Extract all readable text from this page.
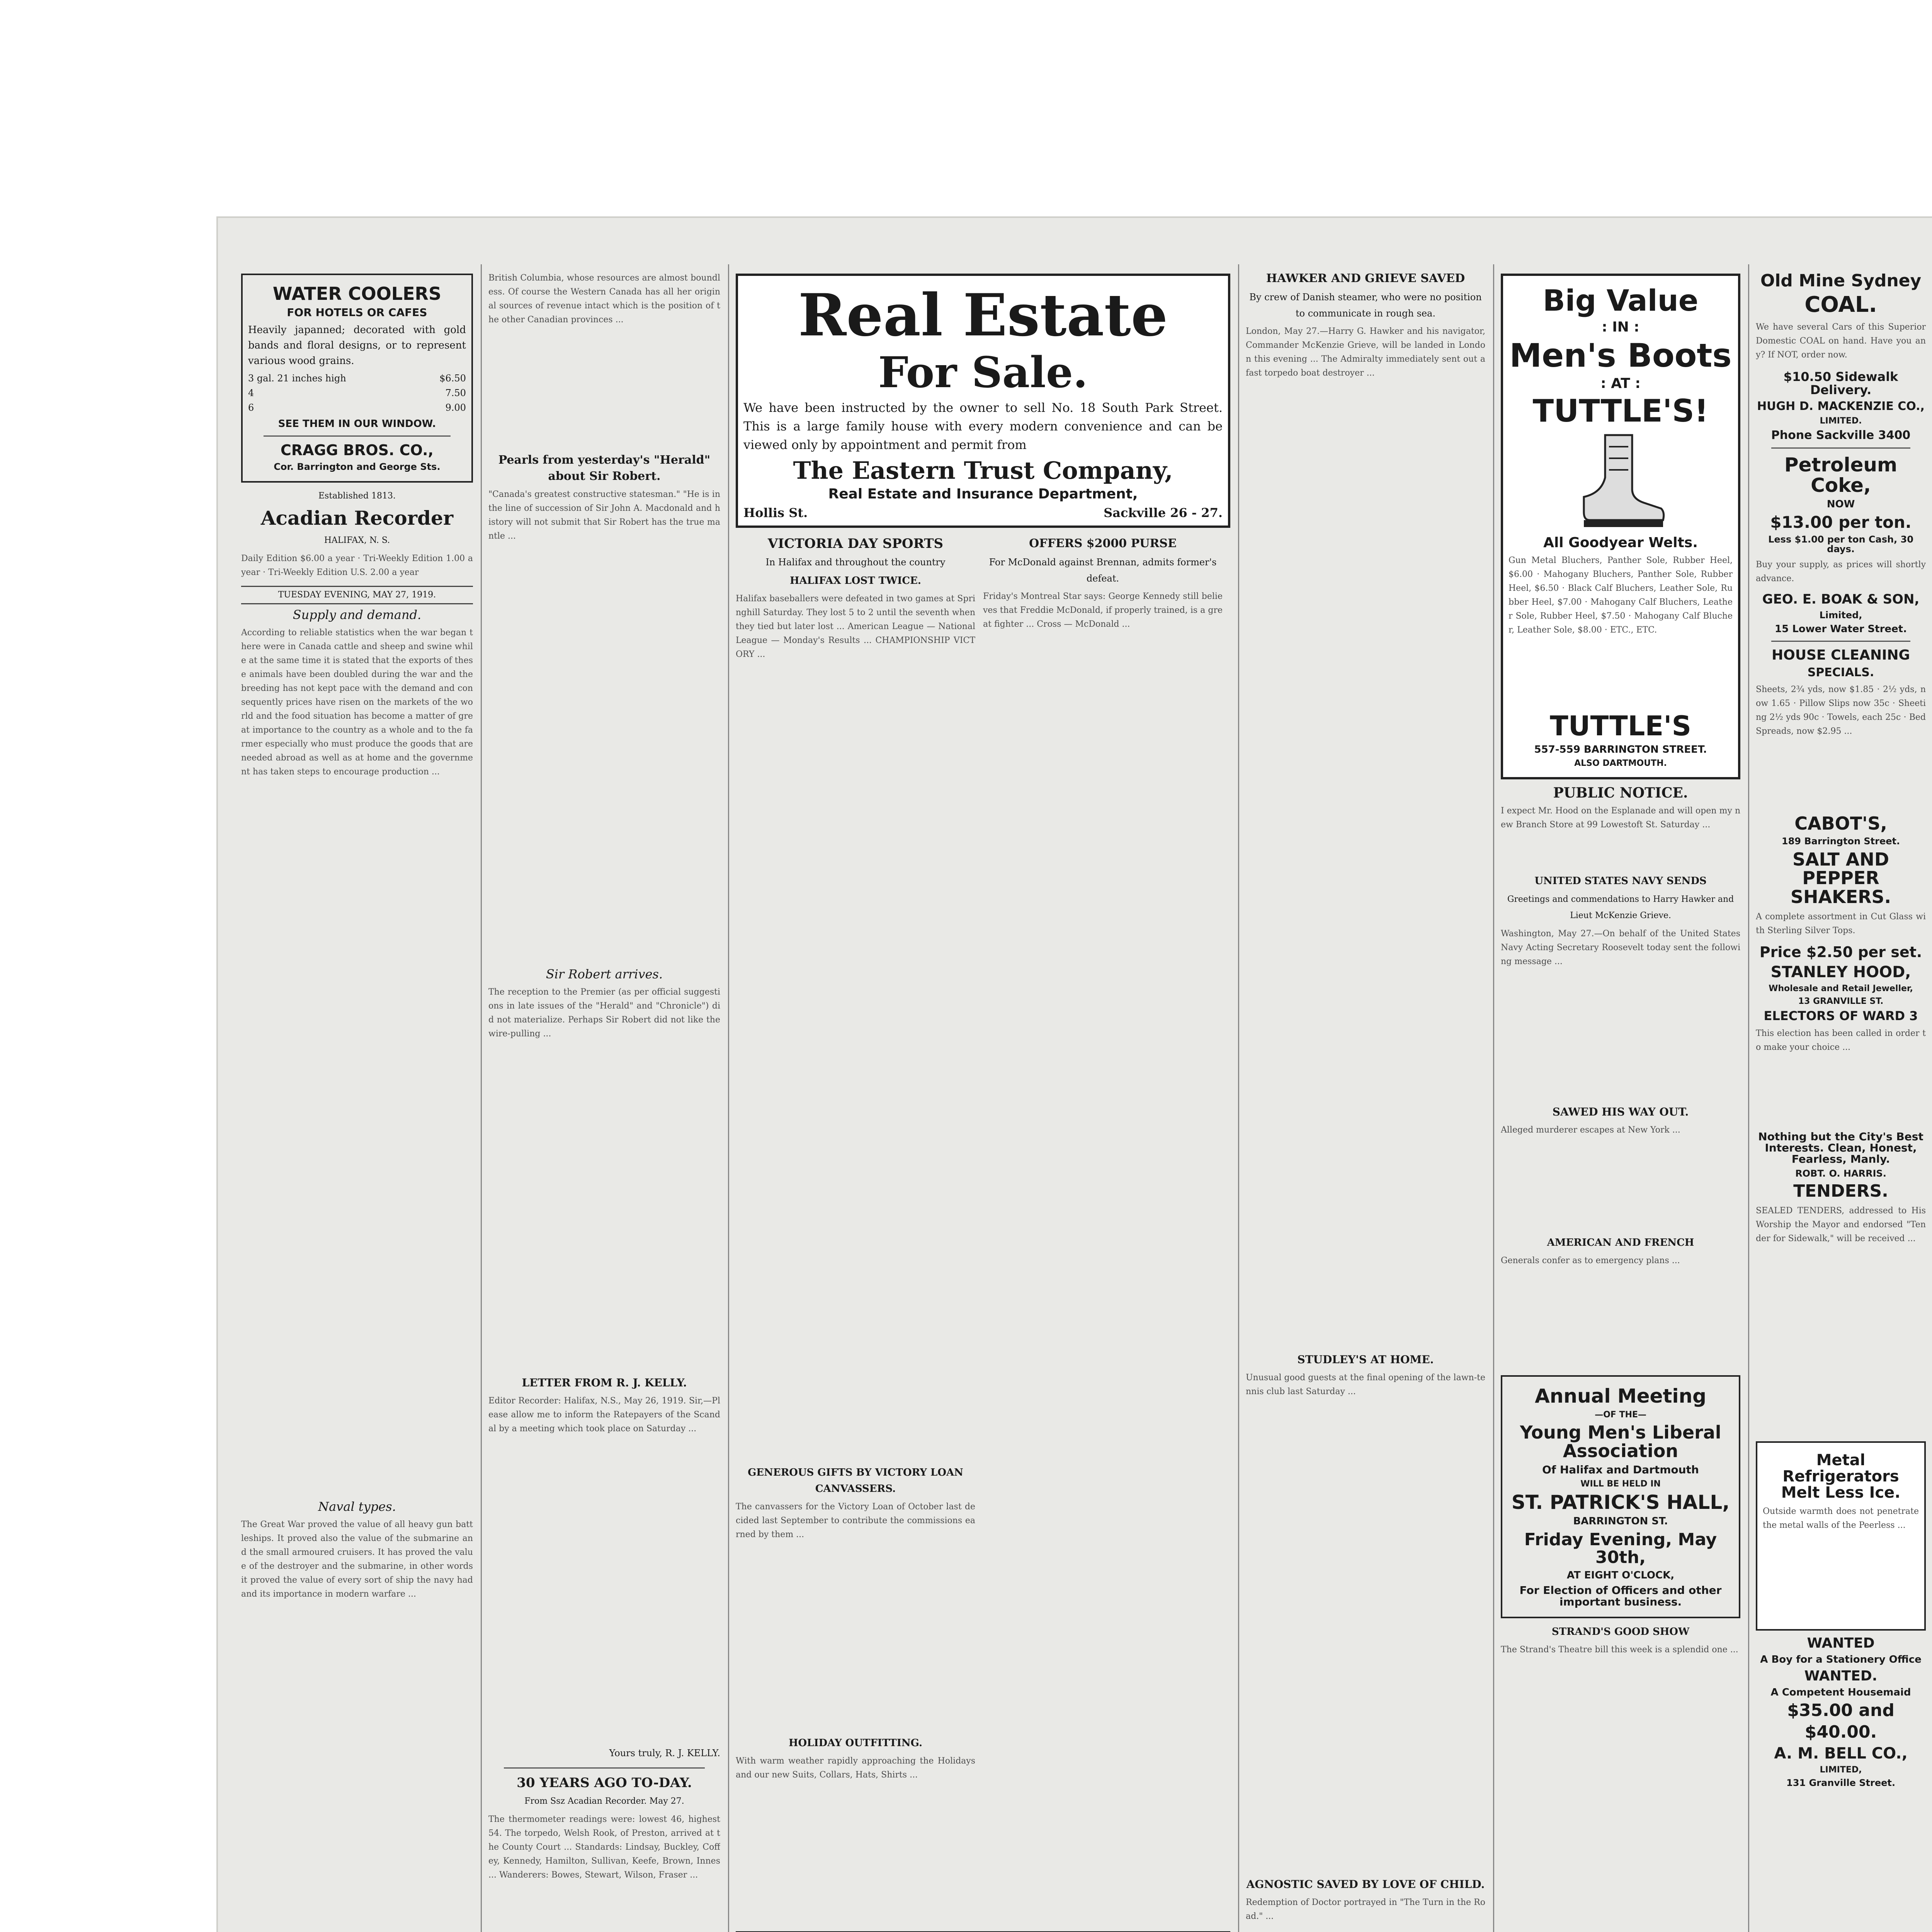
WATER COOLERS
FOR HOTELS OR CAFES
Heavily japanned; decorated with gold bands and floral designs, or to represent various wood grains.
3 gal. 21 inches high	$6.50
4	7.50
6	9.00
SEE THEM IN OUR WINDOW.
CRAGG BROS. CO.,
Cor. Barrington and George Sts.
Established 1813.
Acadian Recorder
HALIFAX, N. S.
Daily Edition $6.00 a year · Tri-Weekly Edition 1.00 a year · Tri-Weekly Edition U.S. 2.00 a year
TUESDAY EVENING, MAY 27, 1919.
Supply and demand.
According to reliable statistics when the war began there were in Canada cattle and sheep and swine while at the same time it is stated that the exports of these animals have been doubled during the war and the breeding has not kept pace with the demand and consequently prices have risen on the markets of the world and the food situation has become a matter of great importance to the country as a whole and to the farmer especially who must produce the goods that are needed abroad as well as at home and the government has taken steps to encourage production ...
Naval types.
The Great War proved the value of all heavy gun battleships. It proved also the value of the submarine and the small armoured cruisers. It has proved the value of the destroyer and the submarine, in other words it proved the value of every sort of ship the navy had and its importance in modern warfare ...
British Columbia, whose resources are almost boundless. Of course the Western Canada has all her original sources of revenue intact which is the position of the other Canadian provinces ...
Pearls from yesterday's "Herald" about Sir Robert.
"Canada's greatest constructive statesman." "He is in the line of succession of Sir John A. Macdonald and history will not submit that Sir Robert has the true mantle ...
Sir Robert arrives.
The reception to the Premier (as per official suggestions in late issues of the "Herald" and "Chronicle") did not materialize. Perhaps Sir Robert did not like the wire-pulling ...
LETTER FROM R. J. KELLY.
Editor Recorder: Halifax, N.S., May 26, 1919. Sir,—Please allow me to inform the Ratepayers of the Scandal by a meeting which took place on Saturday ...
Yours truly, R. J. KELLY.
30 YEARS AGO TO-DAY.
From Ssz Acadian Recorder. May 27.
The thermometer readings were: lowest 46, highest 54. The torpedo, Welsh Rook, of Preston, arrived at the County Court ... Standards: Lindsay, Buckley, Coffey, Kennedy, Hamilton, Sullivan, Keefe, Brown, Innes ... Wanderers: Bowes, Stewart, Wilson, Fraser ...
Real Estate
For Sale.
We have been instructed by the owner to sell No. 18 South Park Street. This is a large family house with every modern convenience and can be viewed only by appointment and permit from
The Eastern Trust Company,
Real Estate and Insurance Department,
Hollis St.	Sackville 26 - 27.
VICTORIA DAY SPORTS
In Halifax and throughout the country
HALIFAX LOST TWICE.
Halifax baseballers were defeated in two games at Springhill Saturday. They lost 5 to 2 until the seventh when they tied but later lost ... American League — National League — Monday's Results ... CHAMPIONSHIP VICTORY ...
GENEROUS GIFTS BY VICTORY LOAN CANVASSERS.
The canvassers for the Victory Loan of October last decided last September to contribute the commissions earned by them ...
HOLIDAY OUTFITTING.
With warm weather rapidly approaching the Holidays and our new Suits, Collars, Hats, Shirts ...
OFFERS $2000 PURSE
For McDonald against Brennan, admits former's defeat.
Friday's Montreal Star says: George Kennedy still believes that Freddie McDonald, if properly trained, is a great fighter ... Cross — McDonald ...
HAWKER AND GRIEVE SAVED
By crew of Danish steamer, who were no position to communicate in rough sea.
London, May 27.—Harry G. Hawker and his navigator, Commander McKenzie Grieve, will be landed in London this evening ... The Admiralty immediately sent out a fast torpedo boat destroyer ...
STUDLEY'S AT HOME.
Unusual good guests at the final opening of the lawn-tennis club last Saturday ...
AGNOSTIC SAVED BY LOVE OF CHILD.
Redemption of Doctor portrayed in "The Turn in the Road." ...
Big Value
: IN :
Men's Boots
: AT :
TUTTLE'S!
All Goodyear Welts.
Gun Metal Bluchers, Panther Sole, Rubber Heel, $6.00 · Mahogany Bluchers, Panther Sole, Rubber Heel, $6.50 · Black Calf Bluchers, Leather Sole, Rubber Heel, $7.00 · Mahogany Calf Bluchers, Leather Sole, Rubber Heel, $7.50 · Mahogany Calf Blucher, Leather Sole, $8.00 · ETC., ETC.
TUTTLE'S
557-559 BARRINGTON STREET.
ALSO DARTMOUTH.
PUBLIC NOTICE.
I expect Mr. Hood on the Esplanade and will open my new Branch Store at 99 Lowestoft St. Saturday ...
UNITED STATES NAVY SENDS
Greetings and commendations to Harry Hawker and Lieut McKenzie Grieve.
Washington, May 27.—On behalf of the United States Navy Acting Secretary Roosevelt today sent the following message ...
SAWED HIS WAY OUT.
Alleged murderer escapes at New York ...
AMERICAN AND FRENCH
Generals confer as to emergency plans ...
Annual Meeting
—OF THE—
Young Men's Liberal Association
Of Halifax and Dartmouth
WILL BE HELD IN
ST. PATRICK'S HALL,
BARRINGTON ST.
Friday Evening, May 30th,
AT EIGHT O'CLOCK,
For Election of Officers and other important business.
STRAND'S GOOD SHOW
The Strand's Theatre bill this week is a splendid one ...
Old Mine Sydney
COAL.
We have several Cars of this Superior Domestic COAL on hand. Have you any? If NOT, order now.
$10.50 Sidewalk Delivery.
HUGH D. MACKENZIE CO.,
LIMITED.
Phone Sackville 3400
Petroleum Coke,
NOW
$13.00 per ton.
Less $1.00 per ton Cash, 30 days.
Buy your supply, as prices will shortly advance.
GEO. E. BOAK & SON,
Limited,
15 Lower Water Street.
HOUSE CLEANING
SPECIALS.
Sheets, 2¾ yds, now $1.85 · 2½ yds, now 1.65 · Pillow Slips now 35c · Sheeting 2½ yds 90c · Towels, each 25c · Bed Spreads, now $2.95 ...
CABOT'S,
189 Barrington Street.
SALT AND PEPPER SHAKERS.
A complete assortment in Cut Glass with Sterling Silver Tops.
Price $2.50 per set.
STANLEY HOOD,
Wholesale and Retail Jeweller,
13 GRANVILLE ST.
ELECTORS OF WARD 3
This election has been called in order to make your choice ...
Nothing but the City's Best Interests. Clean, Honest, Fearless, Manly.
ROBT. O. HARRIS.
TENDERS.
SEALED TENDERS, addressed to His Worship the Mayor and endorsed "Tender for Sidewalk," will be received ...
Metal Refrigerators Melt Less Ice.
Outside warmth does not penetrate the metal walls of the Peerless ...
WANTED
A Boy for a Stationery Office
WANTED.
A Competent Housemaid
$35.00 and
$40.00.
A. M. BELL CO.,
LIMITED,
131 Granville Street.
